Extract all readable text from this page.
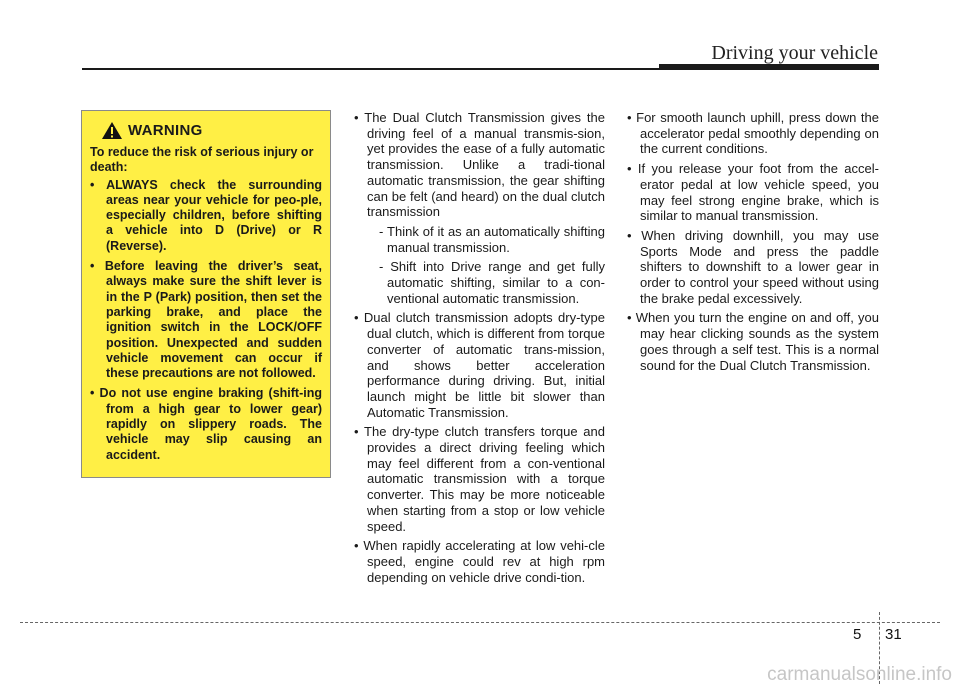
Driving your vehicle
WARNING

To reduce the risk of serious injury or death:

• ALWAYS check the surrounding areas near your vehicle for peo-ple, especially children, before shifting a vehicle into D (Drive) or R (Reverse).
• Before leaving the driver’s seat, always make sure the shift lever is in the P (Park) position, then set the parking brake, and place the ignition switch in the LOCK/OFF position. Unexpected and sudden vehicle movement can occur if these precautions are not followed.
• Do not use engine braking (shift-ing from a high gear to lower gear) rapidly on slippery roads. The vehicle may slip causing an accident.
• The Dual Clutch Transmission gives the driving feel of a manual transmis-sion, yet provides the ease of a fully automatic transmission. Unlike a tradi-tional automatic transmission, the gear shifting can be felt (and heard) on the dual clutch transmission
- Think of it as an automatically shifting manual transmission.
- Shift into Drive range and get fully automatic shifting, similar to a con-ventional automatic transmission.
• Dual clutch transmission adopts dry-type dual clutch, which is different from torque converter of automatic trans-mission, and shows better acceleration performance during driving. But, initial launch might be little bit slower than Automatic Transmission.
• The dry-type clutch transfers torque and provides a direct driving feeling which may feel different from a con-ventional automatic transmission with a torque converter. This may be more noticeable when starting from a stop or low vehicle speed.
• When rapidly accelerating at low vehi-cle speed, engine could rev at high rpm depending on vehicle drive condi-tion.
• For smooth launch uphill, press down the accelerator pedal smoothly depending on the current conditions.
• If you release your foot from the accel-erator pedal at low vehicle speed, you may feel strong engine brake, which is similar to manual transmission.
• When driving downhill, you may use Sports Mode and press the paddle shifters to downshift to a lower gear in order to control your speed without using the brake pedal excessively.
• When you turn the engine on and off, you may hear clicking sounds as the system goes through a self test. This is a normal sound for the Dual Clutch Transmission.
5 31
carmanualsonline.info
